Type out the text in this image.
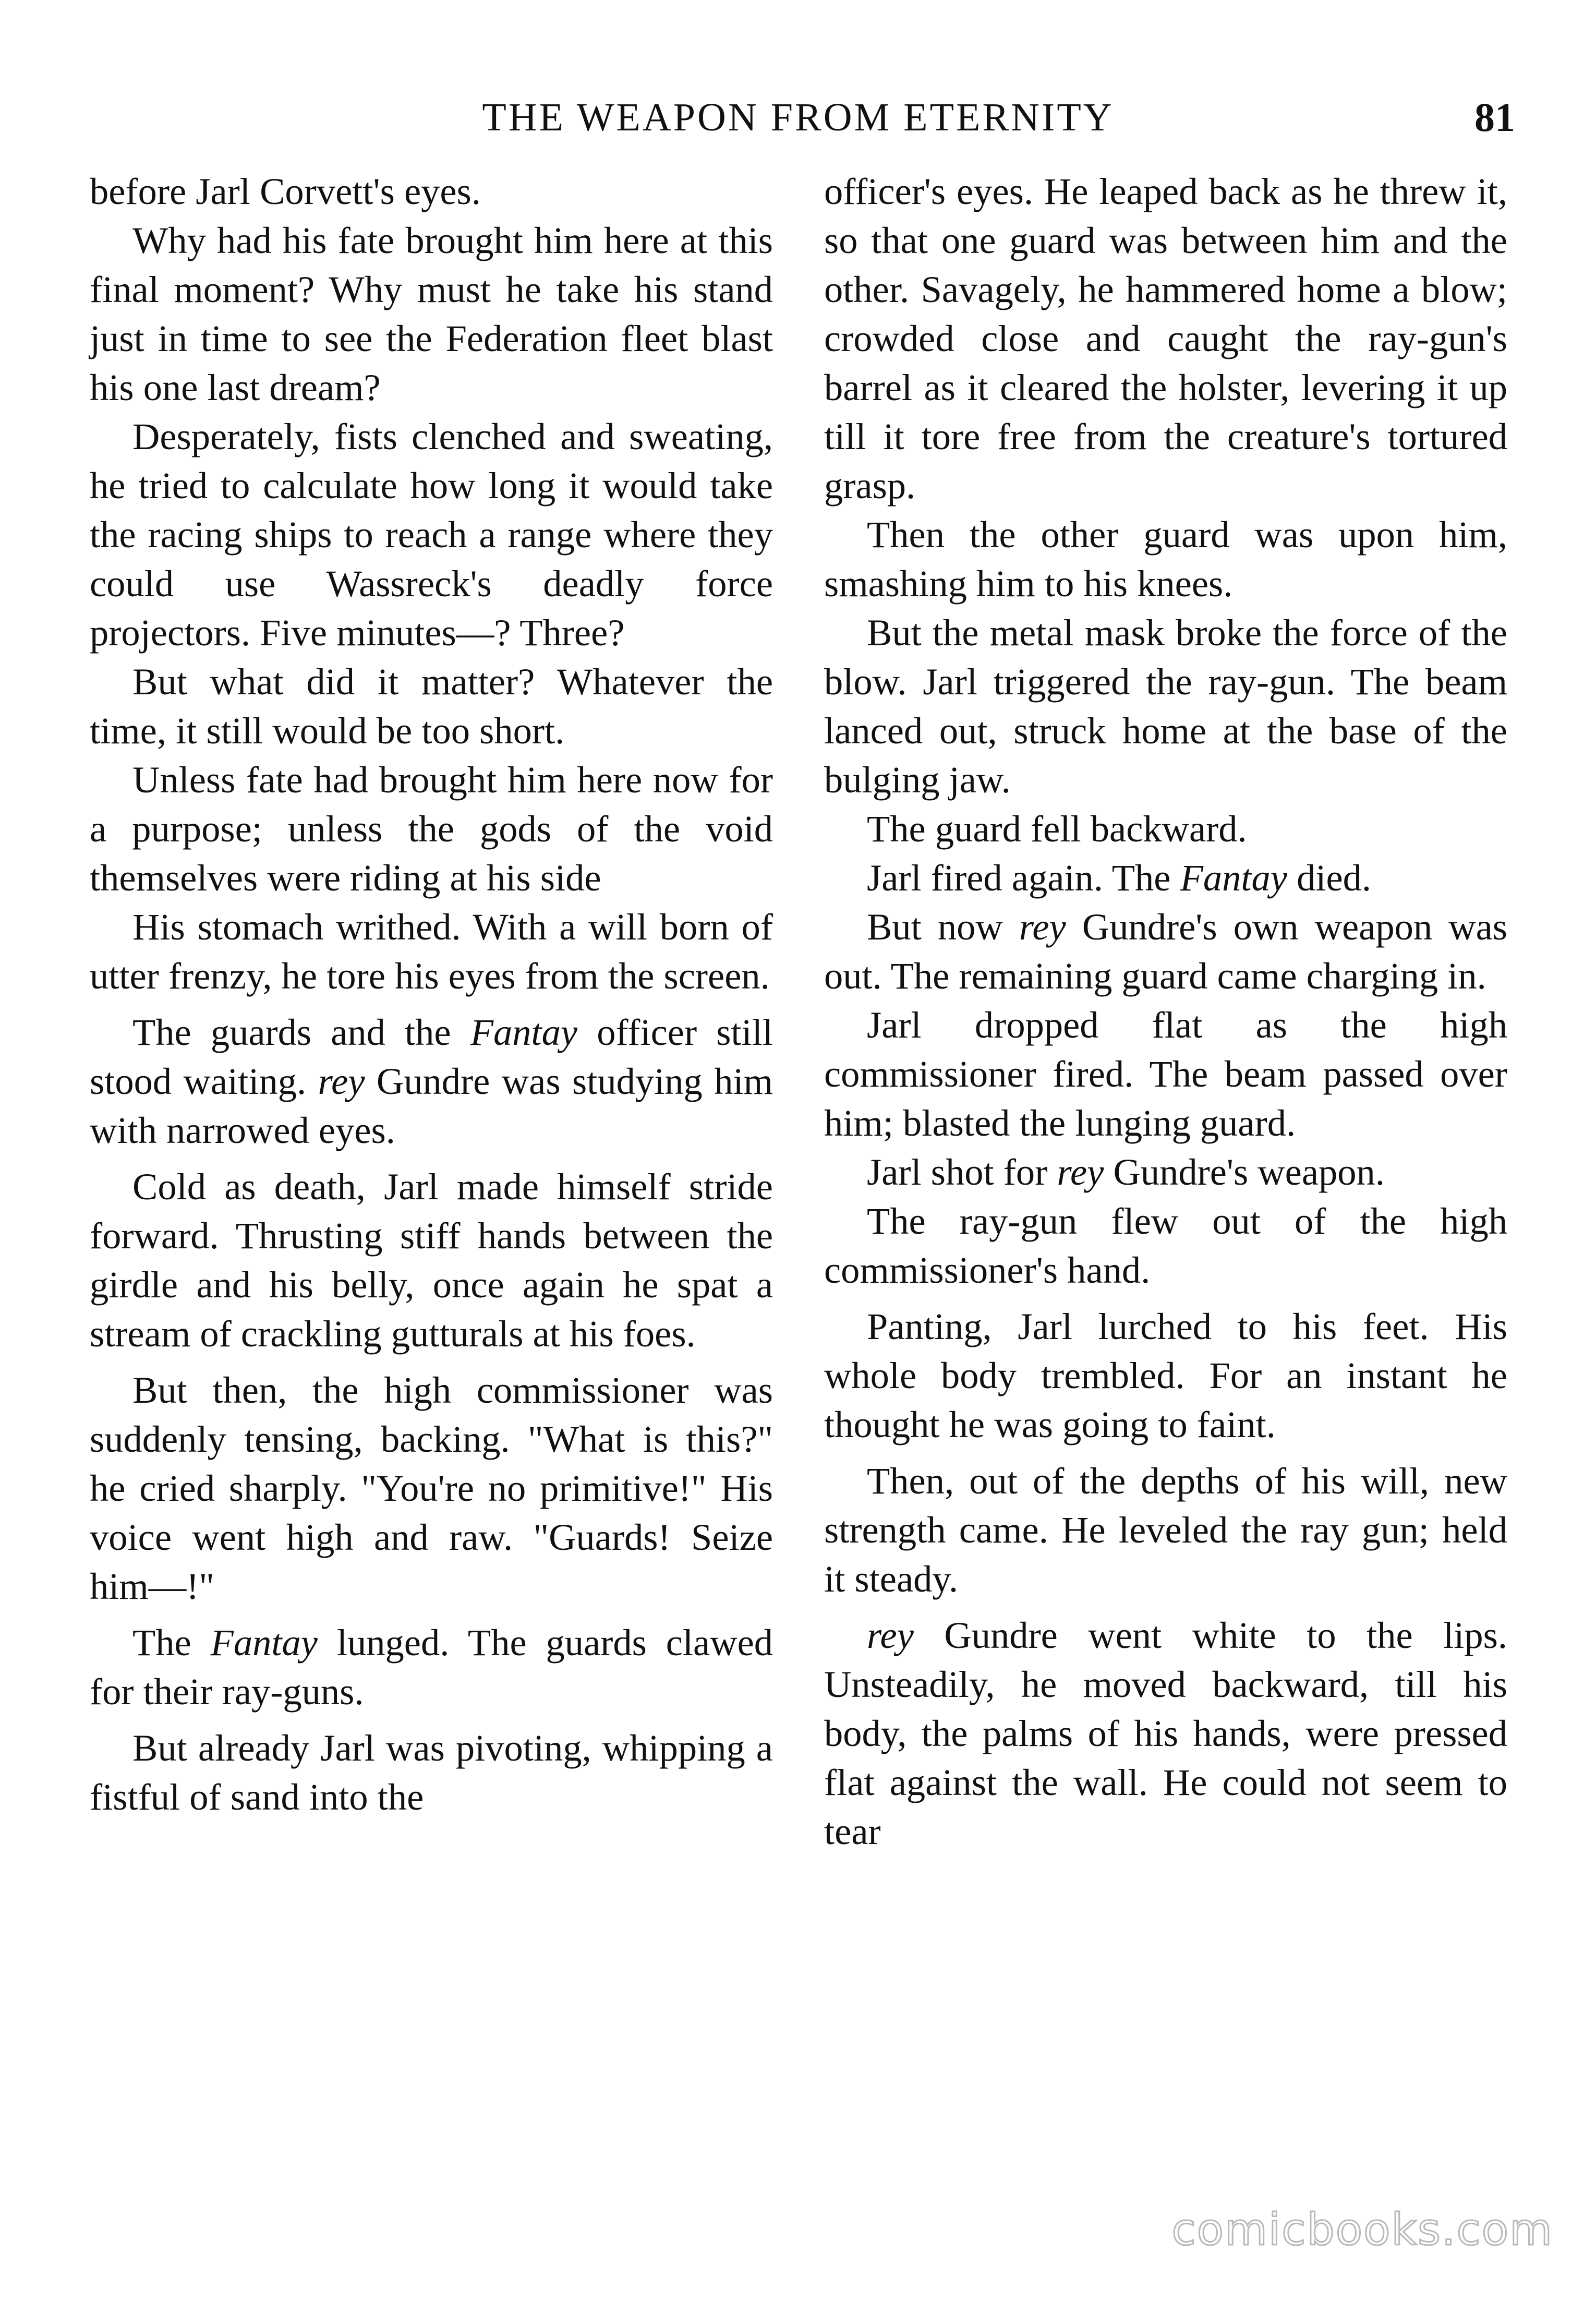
THE WEAPON FROM ETERNITY	81

before Jarl Corvett's eyes.

Why had his fate brought him here at this final moment? Why must he take his stand just in time to see the Federation fleet blast his one last dream?

Desperately, fists clenched and sweating, he tried to calculate how long it would take the racing ships to reach a range where they could use Wassreck's deadly force projectors. Five minutes—? Three?

But what did it matter? Whatever the time, it still would be too short.

Unless fate had brought him here now for a purpose; unless the gods of the void themselves were riding at his side

His stomach writhed. With a will born of utter frenzy, he tore his eyes from the screen.

The guards and the Fantay officer still stood waiting. rey Gundre was studying him with narrowed eyes.

Cold as death, Jarl made himself stride forward. Thrusting stiff hands between the girdle and his belly, once again he spat a stream of crackling gutturals at his foes.

But then, the high commissioner was suddenly tensing, backing. "What is this?" he cried sharply. "You're no primitive!" His voice went high and raw. "Guards! Seize him—!"

The Fantay lunged. The guards clawed for their ray-guns.

But already Jarl was pivoting, whipping a fistful of sand into the

officer's eyes. He leaped back as he threw it, so that one guard was between him and the other. Savagely, he hammered home a blow; crowded close and caught the ray-gun's barrel as it cleared the holster, levering it up till it tore free from the creature's tortured grasp.

Then the other guard was upon him, smashing him to his knees.

But the metal mask broke the force of the blow. Jarl triggered the ray-gun. The beam lanced out, struck home at the base of the bulging jaw.

The guard fell backward.

Jarl fired again. The Fantay died.

But now rey Gundre's own weapon was out. The remaining guard came charging in.

Jarl dropped flat as the high commissioner fired. The beam passed over him; blasted the lunging guard.

Jarl shot for rey Gundre's weapon.

The ray-gun flew out of the high commissioner's hand.

Panting, Jarl lurched to his feet. His whole body trembled. For an instant he thought he was going to faint.

Then, out of the depths of his will, new strength came. He leveled the ray gun; held it steady.

rey Gundre went white to the lips. Unsteadily, he moved backward, till his body, the palms of his hands, were pressed flat against the wall. He could not seem to tear

comicbooks.com
